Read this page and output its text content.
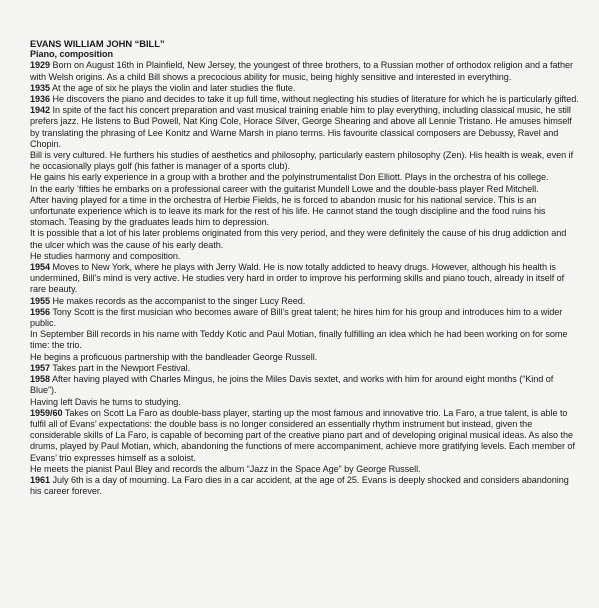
EVANS WILLIAM JOHN “BILL”
Piano, composition

1929 Born on August 16th in Plainfield, New Jersey, the youngest of three brothers, to a Russian mother of orthodox religion and a father with Welsh origins. As a child Bill shows a precocious ability for music, being highly sensitive and interested in everything.

1935 At the age of six he plays the violin and later studies the flute.

1936 He discovers the piano and decides to take it up full time, without neglecting his studies of literature for which he is particularly gifted.

1942 In spite of the fact his concert preparation and vast musical training enable him to play everything, including classical music, he still prefers jazz. He listens to Bud Powell, Nat King Cole, Horace Silver, George Shearing and above all Lennie Tristano. He amuses himself by translating the phrasing of Lee Konitz and Warne Marsh in piano terms. His favourite classical composers are Debussy, Ravel and Chopin.

Bill is very cultured. He furthers his studies of aesthetics and philosophy, particularly eastern philosophy (Zen). His health is weak, even if he occasionally plays golf (his father is manager of a sports club).

He gains his early experience in a group with a brother and the polyinstrumentalist Don Elliott. Plays in the orchestra of his college.

In the early ’fifties he embarks on a professional career with the guitarist Mundell Lowe and the double-bass player Red Mitchell.

After having played for a time in the orchestra of Herbie Fields, he is forced to abandon music for his national service. This is an unfortunate experience which is to leave its mark for the rest of his life. He cannot stand the tough discipline and the food ruins his stomach. Teasing by the graduates leads him to depression.

It is possible that a lot of his later problems originated from this very period, and they were definitely the cause of his drug addiction and the ulcer which was the cause of his early death.

He studies harmony and composition.

1954 Moves to New York, where he plays with Jerry Wald. He is now totally addicted to heavy drugs. However, although his health is undermined, Bill’s mind is very active. He studies very hard in order to improve his performing skills and piano touch, already in itself of rare beauty.

1955 He makes records as the accompanist to the singer Lucy Reed.

1956 Tony Scott is the first musician who becomes aware of Bill’s great talent; he hires him for his group and introduces him to a wider public.

In September Bill records in his name with Teddy Kotic and Paul Motian, finally fulfilling an idea which he had been working on for some time: the trio.

He begins a proficuous partnership with the bandleader George Russell.

1957 Takes part in the Newport Festival.

1958 After having played with Charles Mingus, he joins the Miles Davis sextet, and works with him for around eight months (“Kind of Blue”).

Having left Davis he turns to studying.

1959/60 Takes on Scott La Faro as double-bass player, starting up the most famous and innovative trio. La Faro, a true talent, is able to fulfil all of Evans’ expectations: the double bass is no longer considered an essentially rhythm instrument but instead, given the considerable skills of La Faro, is capable of becoming part of the creative piano part and of developing original musical ideas. As also the drums, played by Paul Motian, which, abandoning the functions of mere accompaniment, achieve more gratifying levels. Each member of Evans’ trio expresses himself as a soloist.

He meets the pianist Paul Bley and records the album “Jazz in the Space Age” by George Russell.

1961 July 6th is a day of mourning. La Faro dies in a car accident, at the age of 25. Evans is deeply shocked and considers abandoning his career forever.
